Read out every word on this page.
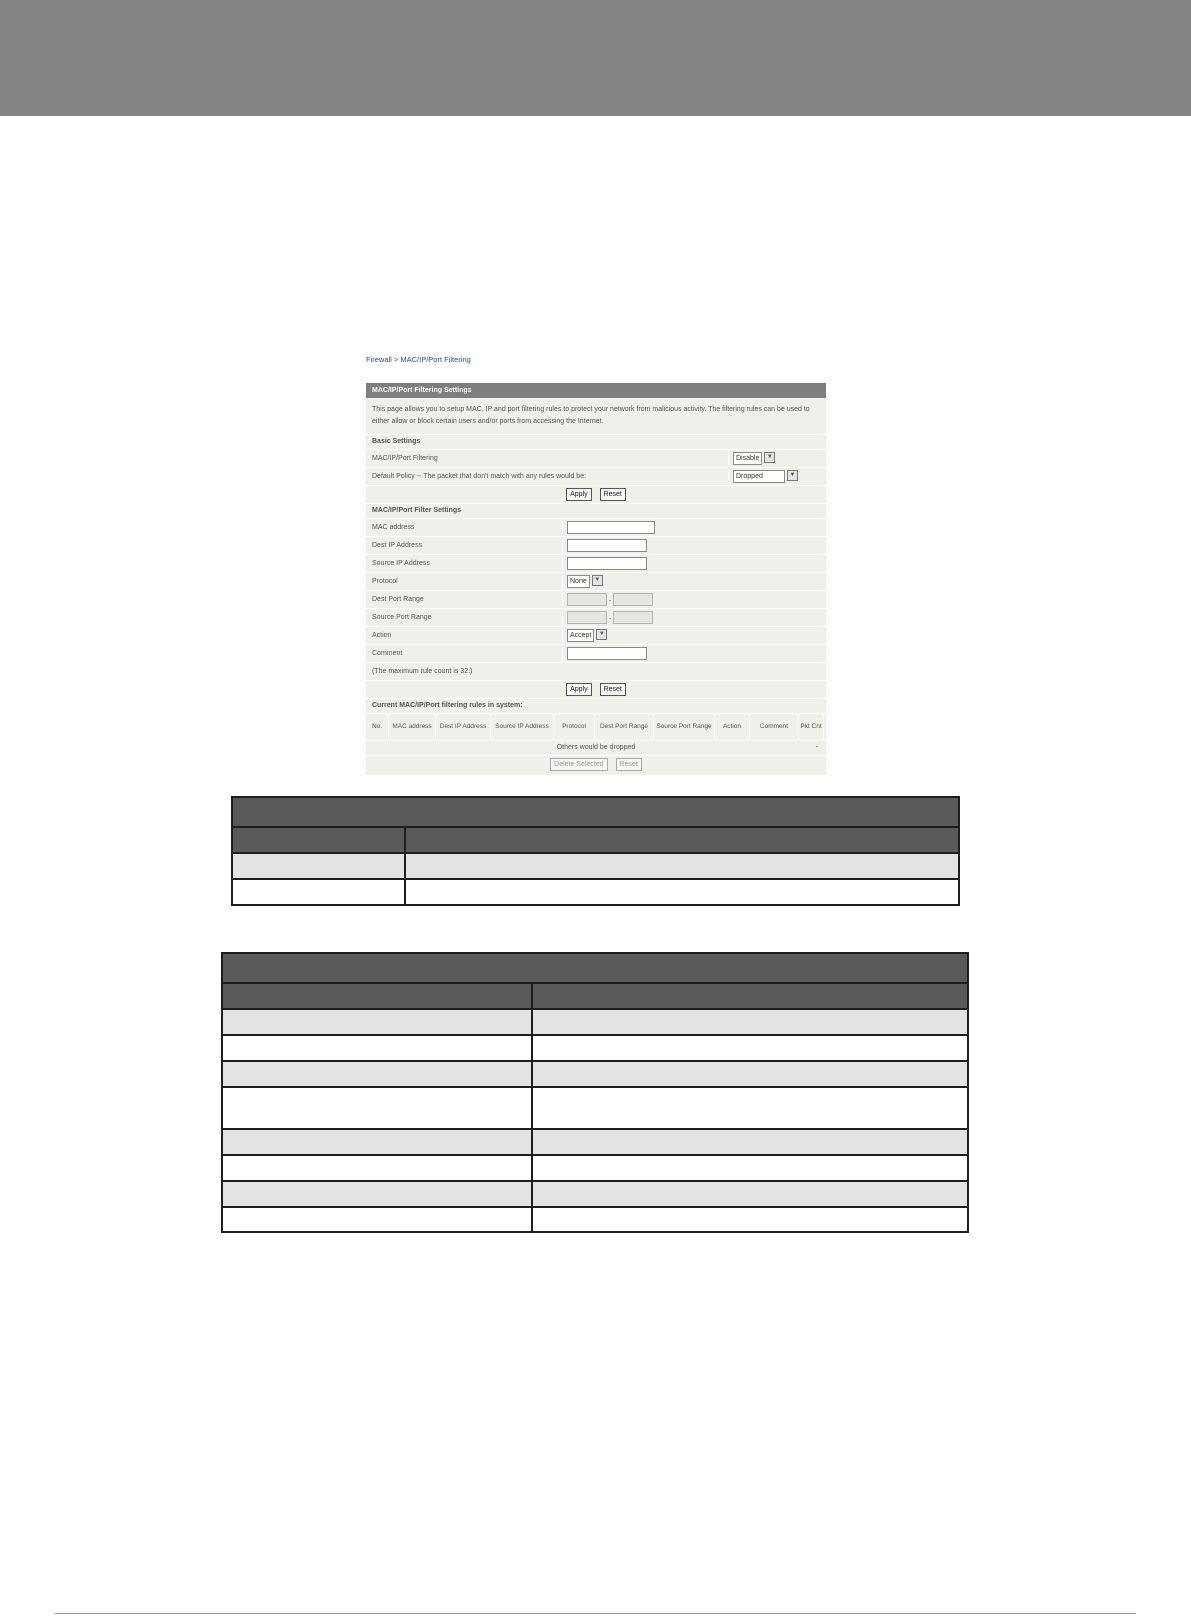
Firewall > MAC/IP/Port Filtering
MAC/IP/Port Filtering Settings
This page allows you to setup MAC, IP and port filtering rules to protect your network from malicious activity. The filtering rules can be used to either allow or block certain users and/or ports from accessing the Internet.
Basic Settings
MAC/IP/Port Filtering	Disable ▼
Default Policy -- The packet that don't match with any rules would be:	Dropped	▼
Apply Reset
MAC/IP/Port Filter Settings
MAC address
Dest IP Address
Source IP Address
Protocol	None ▼
Dest Port Range	-
Source Port Range	-
Action	Accept ▼
Comment
(The maximum rule count is 32.)
Apply Reset
Current MAC/IP/Port filtering rules in system:
No.	MAC address	Dest IP Address	Source IP Address	Protocol	Dest Port Range	Source Port Range	Action	Comment	Pkt Cnt
Others would be dropped	-
Delete Selected Reset
